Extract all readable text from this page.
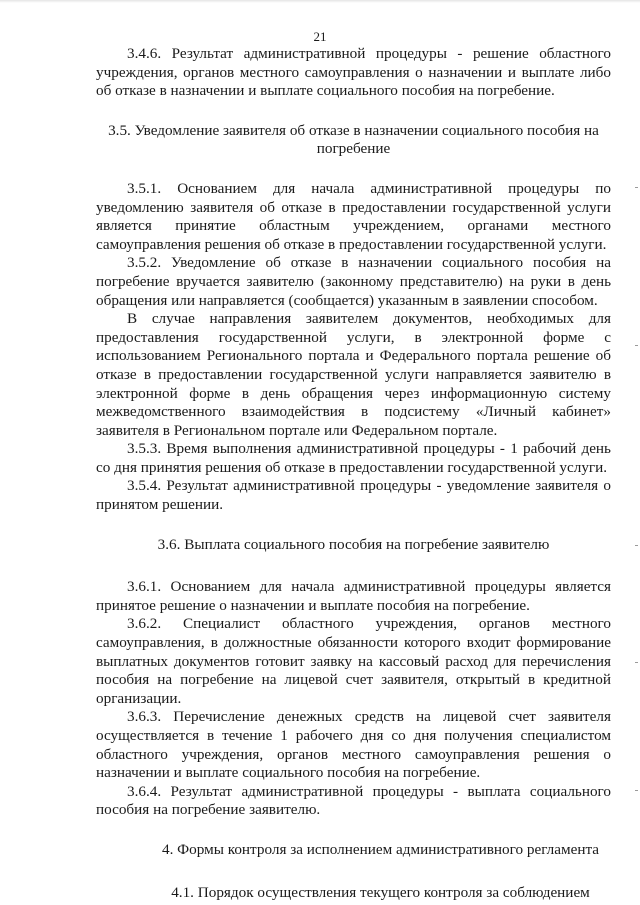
21

3.4.6. Результат административной процедуры - решение областного учреждения, органов местного самоуправления о назначении и выплате либо об отказе в назначении и выплате социального пособия на погребение.

3.5. Уведомление заявителя об отказе в назначении социального пособия на погребение

3.5.1. Основанием для начала административной процедуры по уведомлению заявителя об отказе в предоставлении государственной услуги является принятие областным учреждением, органами местного самоуправления решения об отказе в предоставлении государственной услуги.

3.5.2. Уведомление об отказе в назначении социального пособия на погребение вручается заявителю (законному представителю) на руки в день обращения или направляется (сообщается) указанным в заявлении способом.

В случае направления заявителем документов, необходимых для предоставления государственной услуги, в электронной форме с использованием Регионального портала и Федерального портала решение об отказе в предоставлении государственной услуги направляется заявителю в электронной форме в день обращения через информационную систему межведомственного взаимодействия в подсистему «Личный кабинет» заявителя в Региональном портале или Федеральном портале.

3.5.3. Время выполнения административной процедуры - 1 рабочий день со дня принятия решения об отказе в предоставлении государственной услуги.

3.5.4. Результат административной процедуры - уведомление заявителя о принятом решении.

3.6. Выплата социального пособия на погребение заявителю

3.6.1. Основанием для начала административной процедуры является принятое решение о назначении и выплате пособия на погребение.

3.6.2. Специалист областного учреждения, органов местного самоуправления, в должностные обязанности которого входит формирование выплатных документов готовит заявку на кассовый расход для перечисления пособия на погребение на лицевой счет заявителя, открытый в кредитной организации.

3.6.3. Перечисление денежных средств на лицевой счет заявителя осуществляется в течение 1 рабочего дня со дня получения специалистом областного учреждения, органов местного самоуправления решения о назначении и выплате социального пособия на погребение.

3.6.4. Результат административной процедуры - выплата социального пособия на погребение заявителю.

4. Формы контроля за исполнением административного регламента
4.1. Порядок осуществления текущего контроля за соблюдением
